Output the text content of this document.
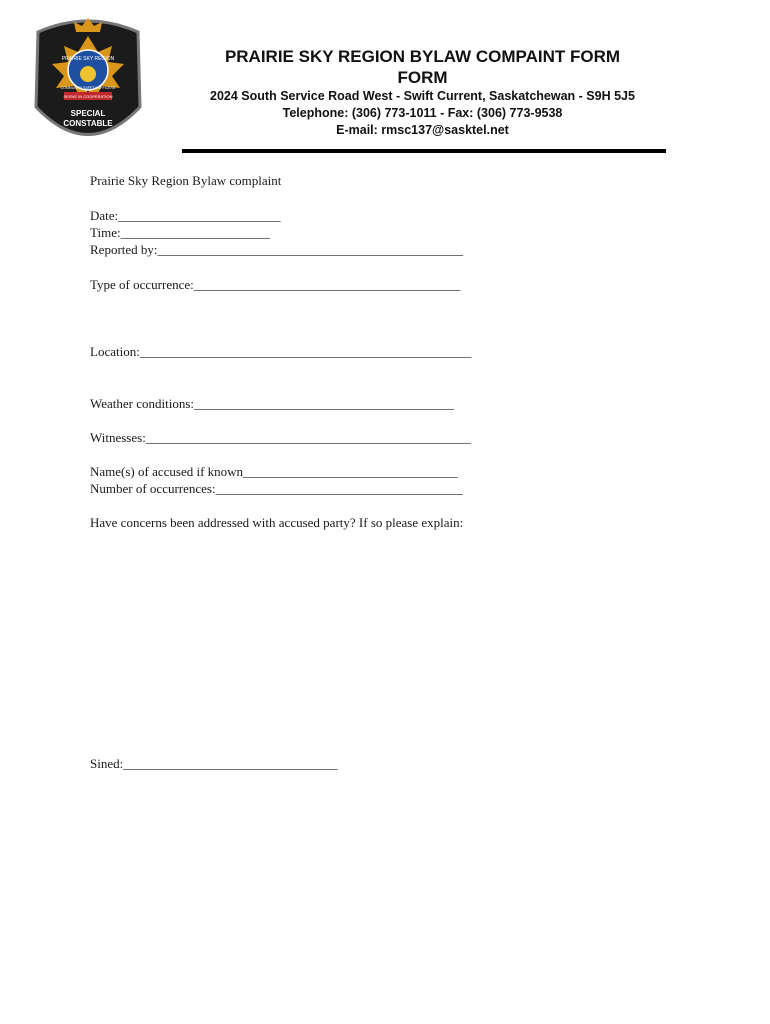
PRAIRIE SKY REGION
COMMUNITY SAFETY OFFICERS
SERVE IN COOPERATION
SPECIAL
CONSTABLE
PRAIRIE SKY REGION BYLAW COMPAINT FORM
FORM
2024 South Service Road West - Swift Current, Saskatchewan - S9H 5J5
Telephone: (306) 773-1011 - Fax: (306) 773-9538
E-mail: rmsc137@sasktel.net
Prairie Sky Region Bylaw complaint
Date:_________________________
Time:_______________________
Reported by:_______________________________________________
Type of occurrence:_________________________________________
Location:___________________________________________________
Weather conditions:________________________________________
Witnesses:__________________________________________________
Name(s) of accused if known_________________________________
Number of occurrences:______________________________________
Have concerns been addressed with accused party? If so please explain:
Sined:_________________________________
